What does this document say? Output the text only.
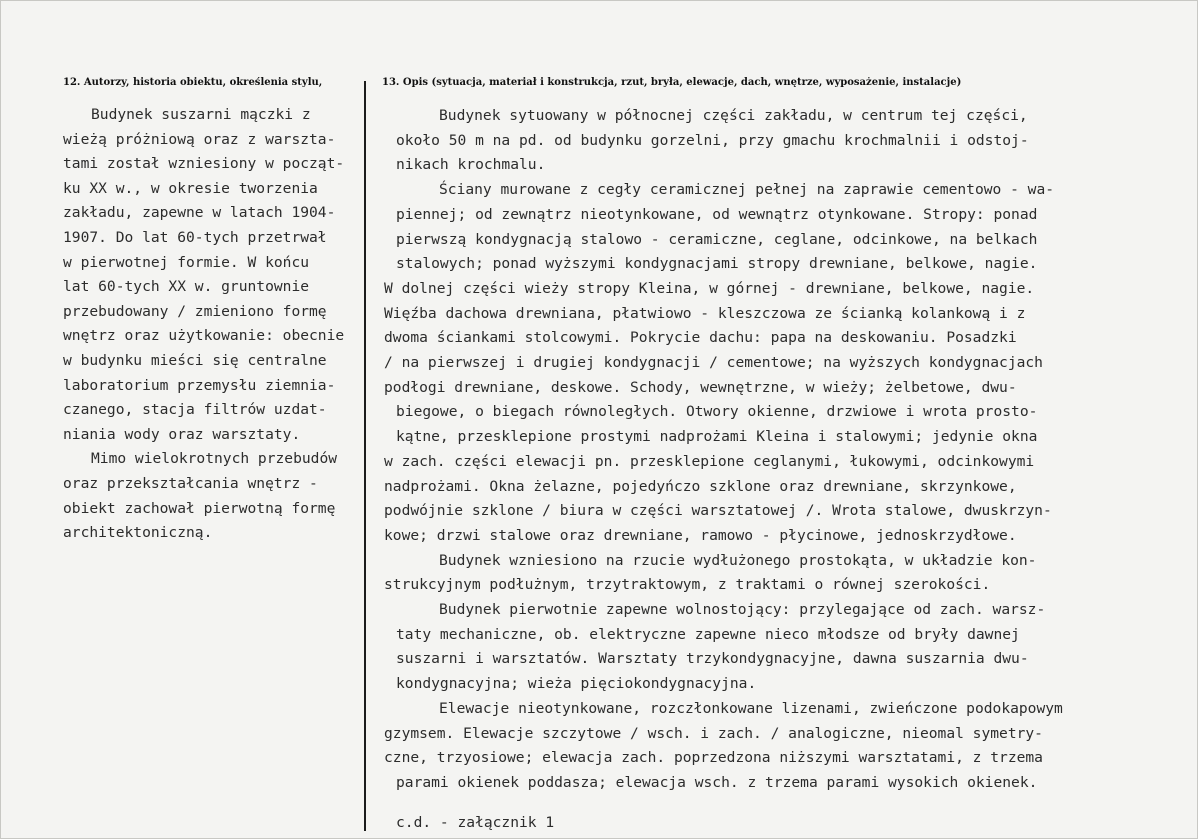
12. Autorzy, historia obiektu, określenia stylu,	13. Opis (sytuacja, materiał i konstrukcja, rzut, bryła, elewacje, dach, wnętrze, wyposażenie, instalacje)
Budynek suszarni mączki z
wieżą próżniową oraz z warszta-
tami został wzniesiony w począt-
ku XX w., w okresie tworzenia
zakładu, zapewne w latach 1904-
1907. Do lat 60-tych przetrwał
w pierwotnej formie. W końcu
lat 60-tych XX w. gruntownie
przebudowany / zmieniono formę
wnętrz oraz użytkowanie: obecnie
w budynku mieści się centralne
laboratorium przemysłu ziemnia-
czanego, stacja filtrów uzdat-
niania wody oraz warsztaty.
Mimo wielokrotnych przebudów
oraz przekształcania wnętrz -
obiekt zachował pierwotną formę
architektoniczną.
Budynek sytuowany w północnej części zakładu, w centrum tej części,
około 50 m na pd. od budynku gorzelni, przy gmachu krochmalnii i odstoj-
nikach krochmalu.
Ściany murowane z cegły ceramicznej pełnej na zaprawie cementowo - wa-
piennej; od zewnątrz nieotynkowane, od wewnątrz otynkowane. Stropy: ponad
pierwszą kondygnacją stalowo - ceramiczne, ceglane, odcinkowe, na belkach
stalowych; ponad wyższymi kondygnacjami stropy drewniane, belkowe, nagie.
W dolnej części wieży stropy Kleina, w górnej - drewniane, belkowe, nagie.
Więźba dachowa drewniana, płatwiowo - kleszczowa ze ścianką kolankową i z
dwoma ściankami stolcowymi. Pokrycie dachu: papa na deskowaniu. Posadzki
/ na pierwszej i drugiej kondygnacji / cementowe; na wyższych kondygnacjach
podłogi drewniane, deskowe. Schody, wewnętrzne, w wieży; żelbetowe, dwu-
biegowe, o biegach równoległych. Otwory okienne, drzwiowe i wrota prosto-
kątne, przesklepione prostymi nadprożami Kleina i stalowymi; jedynie okna
w zach. części elewacji pn. przesklepione ceglanymi, łukowymi, odcinkowymi
nadprożami. Okna żelazne, pojedyńczo szklone oraz drewniane, skrzynkowe,
podwójnie szklone / biura w części warsztatowej /. Wrota stalowe, dwuskrzyn-
kowe; drzwi stalowe oraz drewniane, ramowo - płycinowe, jednoskrzydłowe.
Budynek wzniesiono na rzucie wydłużonego prostokąta, w układzie kon-
strukcyjnym podłużnym, trzytraktowym, z traktami o równej szerokości.
Budynek pierwotnie zapewne wolnostojący: przylegające od zach. warsz-
taty mechaniczne, ob. elektryczne zapewne nieco młodsze od bryły dawnej
suszarni i warsztatów. Warsztaty trzykondygnacyjne, dawna suszarnia dwu-
kondygnacyjna; wieża pięciokondygnacyjna.
Elewacje nieotynkowane, rozczłonkowane lizenami, zwieńczone podokapowym
gzymsem. Elewacje szczytowe / wsch. i zach. / analogiczne, nieomal symetry-
czne, trzyosiowe; elewacja zach. poprzedzona niższymi warsztatami, z trzema
parami okienek poddasza; elewacja wsch. z trzema parami wysokich okienek.
c.d. - załącznik 1
